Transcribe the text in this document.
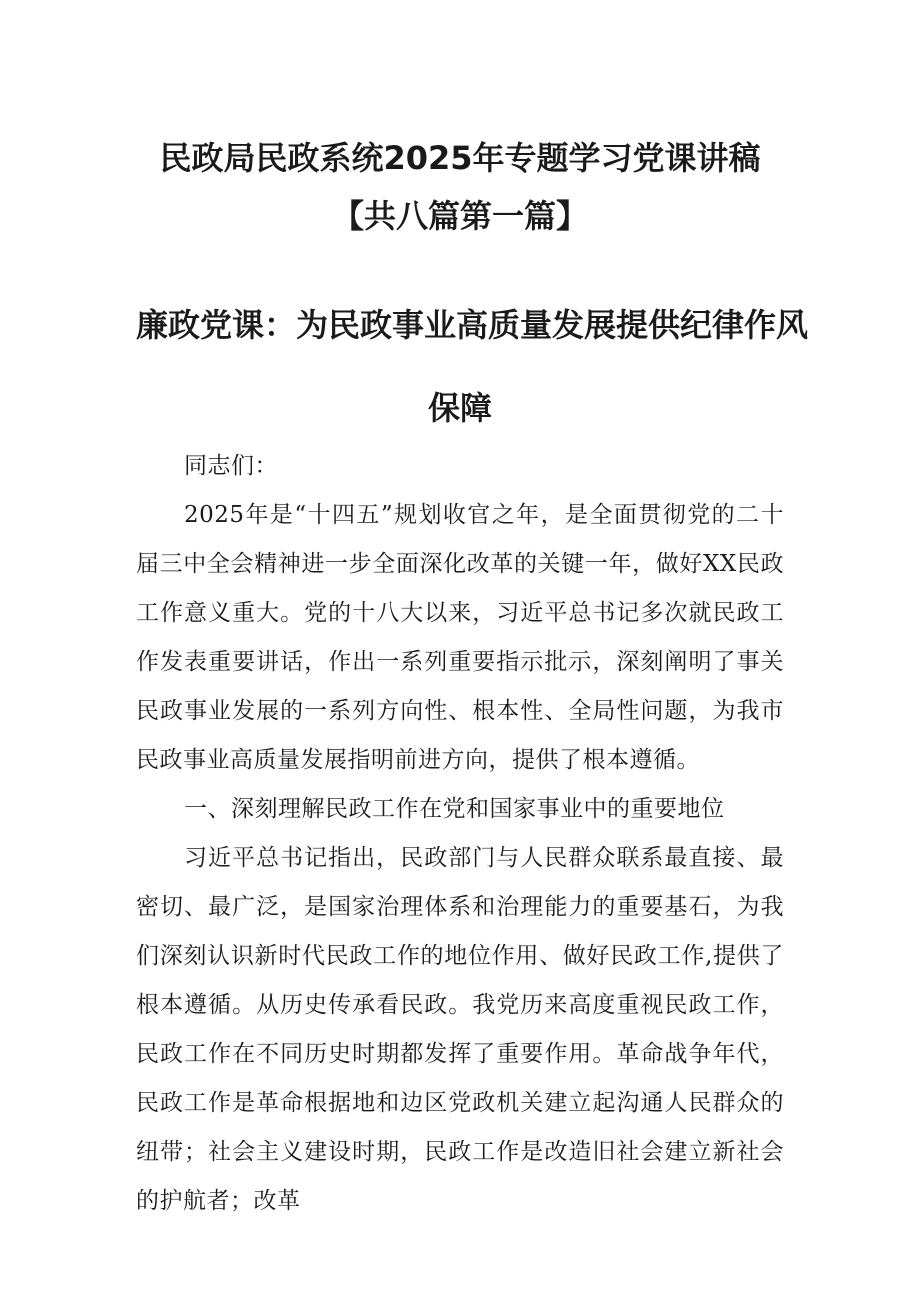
民政局民政系统2025年专题学习党课讲稿
【共八篇第一篇】
廉政党课：为民政事业高质量发展提供纪律作风
保障
同志们：
2025年是“十四五”规划收官之年，是全面贯彻党的二十届三中全会精神进一步全面深化改革的关键一年，做好XX民政工作意义重大。党的十八大以来，习近平总书记多次就民政工作发表重要讲话，作出一系列重要指示批示，深刻阐明了事关民政事业发展的一系列方向性、根本性、全局性问题，为我市民政事业高质量发展指明前进方向，提供了根本遵循。
一、深刻理解民政工作在党和国家事业中的重要地位
习近平总书记指出，民政部门与人民群众联系最直接、最密切、最广泛，是国家治理体系和治理能力的重要基石，为我们深刻认识新时代民政工作的地位作用、做好民政工作,提供了根本遵循。从历史传承看民政。我党历来高度重视民政工作，民政工作在不同历史时期都发挥了重要作用。革命战争年代，民政工作是革命根据地和边区党政机关建立起沟通人民群众的纽带；社会主义建设时期，民政工作是改造旧社会建立新社会的护航者；改革
